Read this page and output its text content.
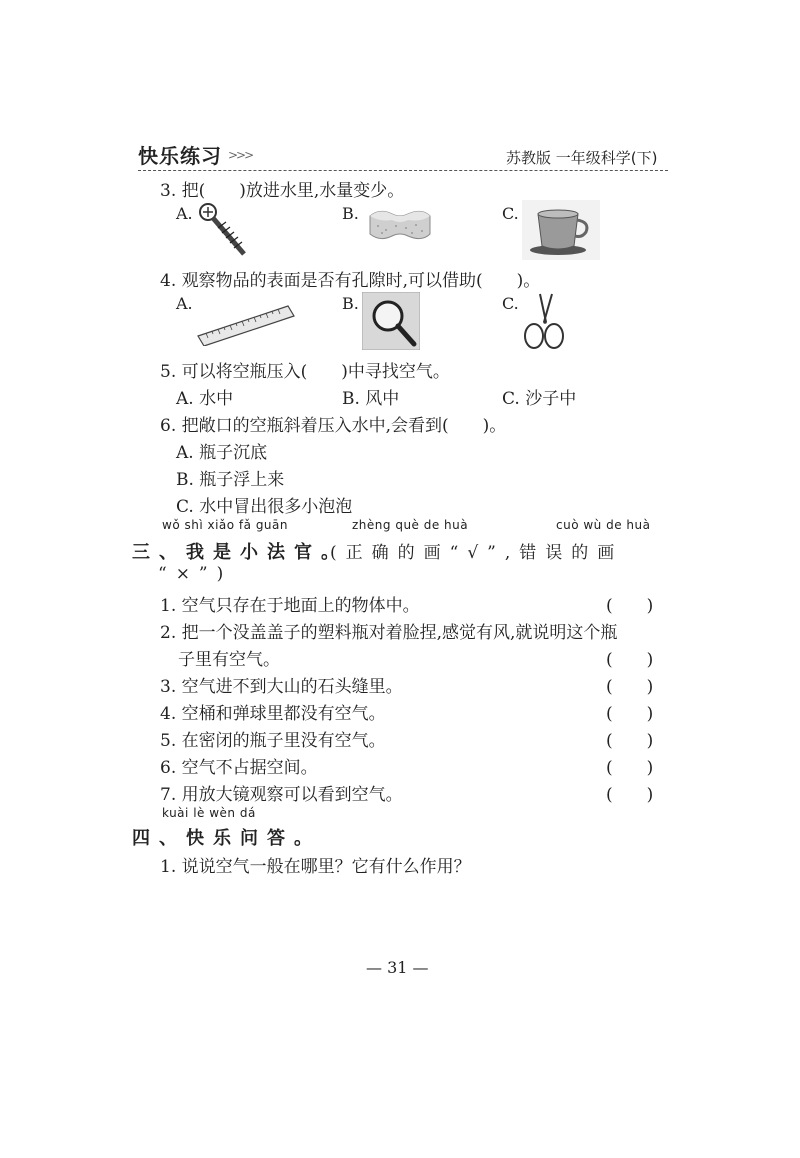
快乐练习 >>>	苏教版 一年级科学(下)
3. 把(　　)放进水里,水量变少。
A.	B.	C.
4. 观察物品的表面是否有孔隙时,可以借助(　　)。
A.	B.	C.
5. 可以将空瓶压入(　　)中寻找空气。
A. 水中	B. 风中	C. 沙子中
6. 把敞口的空瓶斜着压入水中,会看到(　　)。
A. 瓶子沉底
B. 瓶子浮上来
C. 水中冒出很多小泡泡
wǒ shì xiǎo fǎ guān	zhèng què de huà	cuò wù de huà
三、我是小法官。
(正确的画“√”,错误的画
“×”)
1. 空气只存在于地面上的物体中。	(　　)
2. 把一个没盖盖子的塑料瓶对着脸捏,感觉有风,就说明这个瓶
子里有空气。	(　　)
3. 空气进不到大山的石头缝里。	(　　)
4. 空桶和弹球里都没有空气。	(　　)
5. 在密闭的瓶子里没有空气。	(　　)
6. 空气不占据空间。	(　　)
7. 用放大镜观察可以看到空气。	(　　)
kuài lè wèn dá
四、快乐问答。
1. 说说空气一般在哪里？它有什么作用？
— 31 —
